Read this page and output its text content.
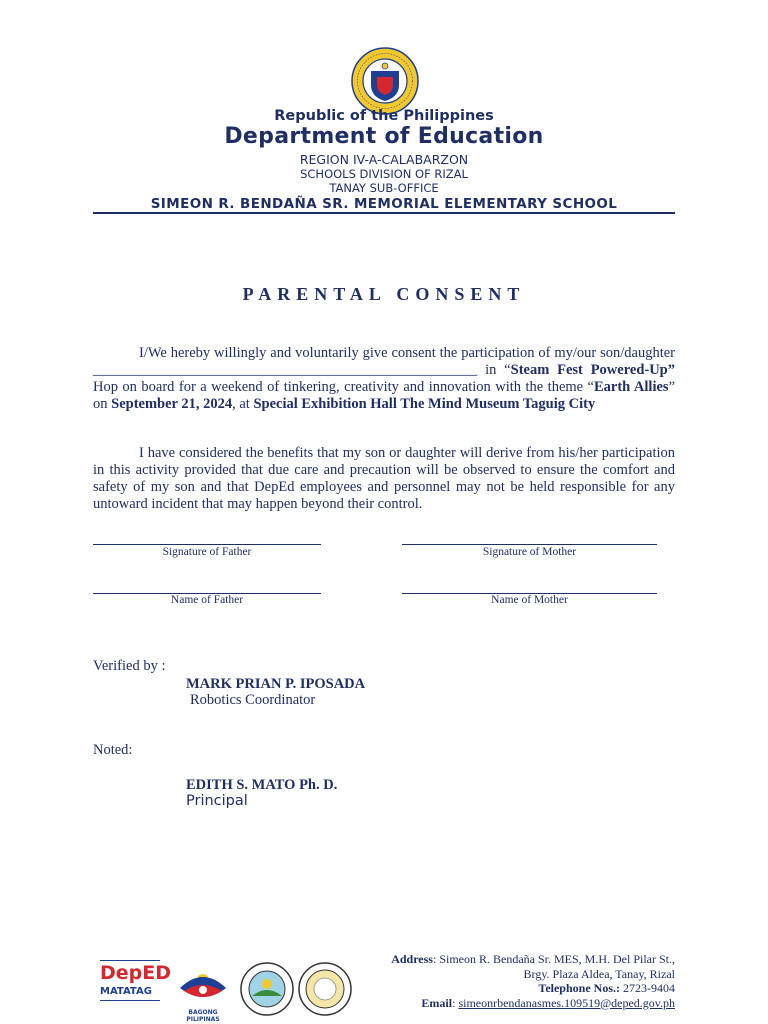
Republic of the Philippines
Department of Education
REGION IV-A-CALABARZON
SCHOOLS DIVISION OF RIZAL
TANAY SUB-OFFICE
SIMEON R. BENDAÑA SR. MEMORIAL ELEMENTARY SCHOOL
PARENTAL CONSENT
I/We hereby willingly and voluntarily give consent the participation of my/our son/daughter _____________________________________________________ in “Steam Fest Powered-Up” Hop on board for a weekend of tinkering, creativity and innovation with the theme “Earth Allies” on September 21, 2024, at Special Exhibition Hall The Mind Museum Taguig City
I have considered the benefits that my son or daughter will derive from his/her participation in this activity provided that due care and precaution will be observed to ensure the comfort and safety of my son and that DepEd employees and personnel may not be held responsible for any untoward incident that may happen beyond their control.
Signature of Father	Signature of Mother
Name of Father	Name of Mother
Verified by :
MARK PRIAN P. IPOSADA
Robotics Coordinator
Noted:
EDITH S. MATO Ph. D.
Principal
DepED
MATATAG
BAGONG PILIPINAS
Address: Simeon R. Bendaña Sr. MES, M.H. Del Pilar St.,
Brgy. Plaza Aldea, Tanay, Rizal
Telephone Nos.: 2723-9404
Email: simeonrbendanasmes.109519@deped.gov.ph
